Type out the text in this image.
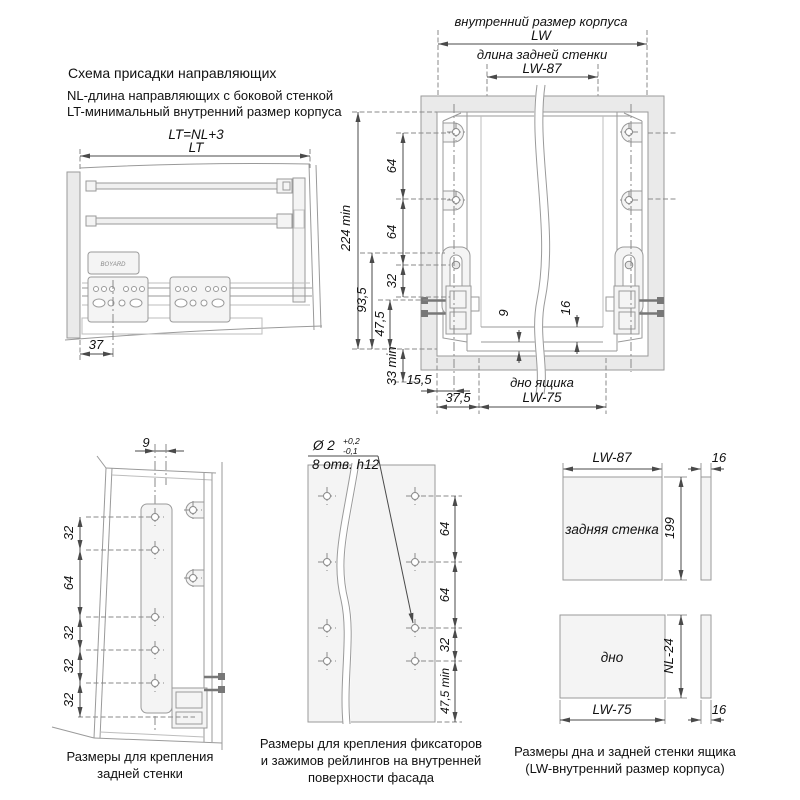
Схема присадки направляющих
NL-длина направляющих с боковой стенкой
LT-минимальный внутренний размер корпуса
LT=NL+3
LT
BOYARD
37
внутренний размер корпуса
LW
длина задней стенки
LW-87
224 min
64
64
32
93,5
47,5
33 min 15,5
37,5
дно ящика
LW-75
9	16
9
32
64
32
32
32
Размеры для крепления
задней стенки
Ø 2 +0,2
-0,1
8 отв. h12
64
64
32
47,5 min
Размеры для крепления фиксаторов
и зажимов рейлингов на внутренней
поверхности фасада
LW-87
задняя стенка 199
16
дно	NL-24
LW-75	16
Размеры дна и задней стенки ящика
(LW-внутренний размер корпуса)
